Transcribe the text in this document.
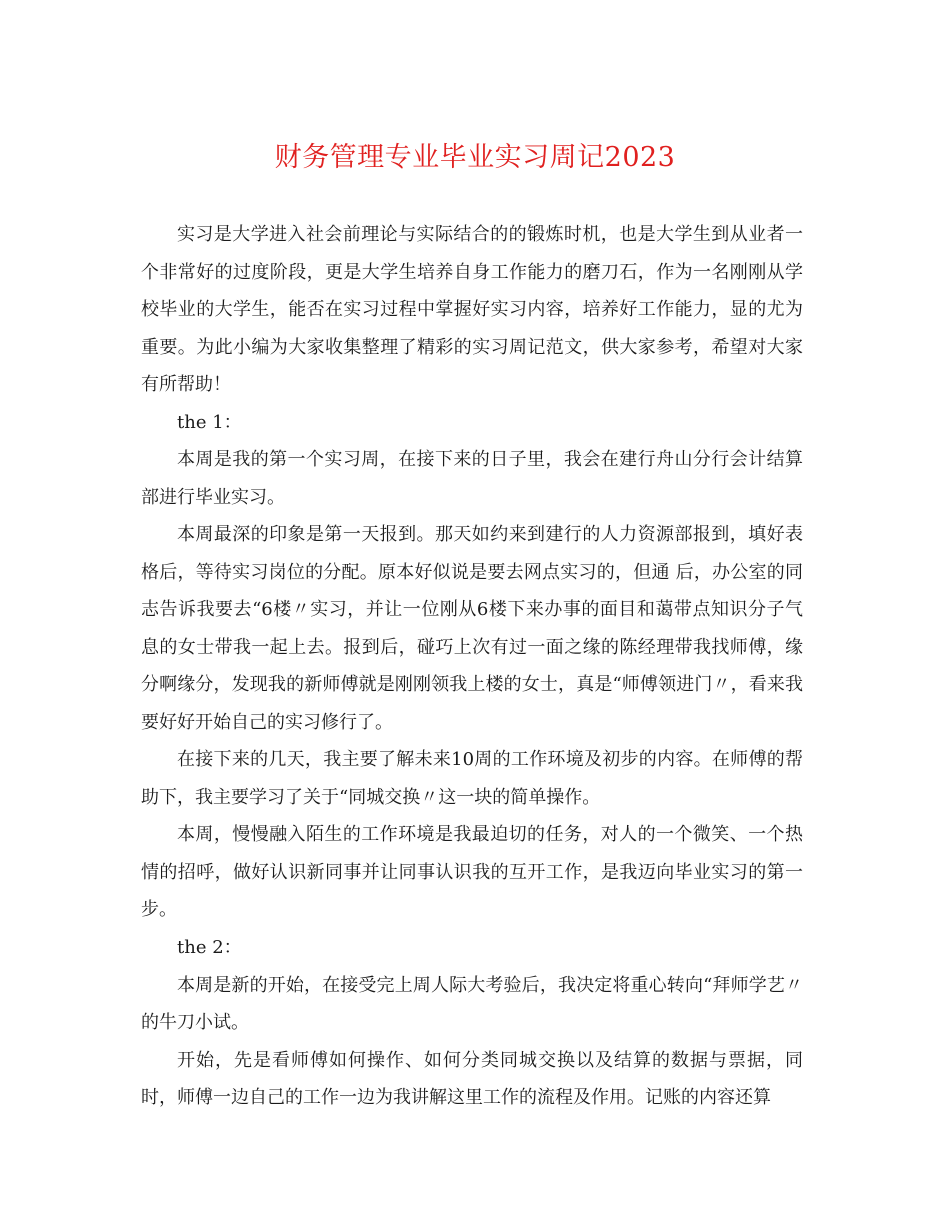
财务管理专业毕业实习周记2023

实习是大学进入社会前理论与实际结合的的锻炼时机，也是大学生到从业者一个非常好的过度阶段，更是大学生培养自身工作能力的磨刀石，作为一名刚刚从学校毕业的大学生，能否在实习过程中掌握好实习内容，培养好工作能力，显的尤为重要。为此小编为大家收集整理了精彩的实习周记范文，供大家参考，希望对大家有所帮助！

the 1：

本周是我的第一个实习周，在接下来的日子里，我会在建行舟山分行会计结算部进行毕业实习。

本周最深的印象是第一天报到。那天如约来到建行的人力资源部报到，填好表格后，等待实习岗位的分配。原本好似说是要去网点实习的，但通 后，办公室的同志告诉我要去“6楼〃实习，并让一位刚从6楼下来办事的面目和蔼带点知识分子气息的女士带我一起上去。报到后，碰巧上次有过一面之缘的陈经理带我找师傅，缘分啊缘分，发现我的新师傅就是刚刚领我上楼的女士，真是“师傅领进门〃，看来我要好好开始自己的实习修行了。

在接下来的几天，我主要了解未来10周的工作环境及初步的内容。在师傅的帮助下，我主要学习了关于“同城交换〃这一块的简单操作。

本周，慢慢融入陌生的工作环境是我最迫切的任务，对人的一个微笑、一个热情的招呼，做好认识新同事并让同事认识我的互开工作，是我迈向毕业实习的第一步。

the 2：

本周是新的开始，在接受完上周人际大考验后，我决定将重心转向“拜师学艺〃的牛刀小试。

开始，先是看师傅如何操作、如何分类同城交换以及结算的数据与票据，同时，师傅一边自己的工作一边为我讲解这里工作的流程及作用。记账的内容还算
